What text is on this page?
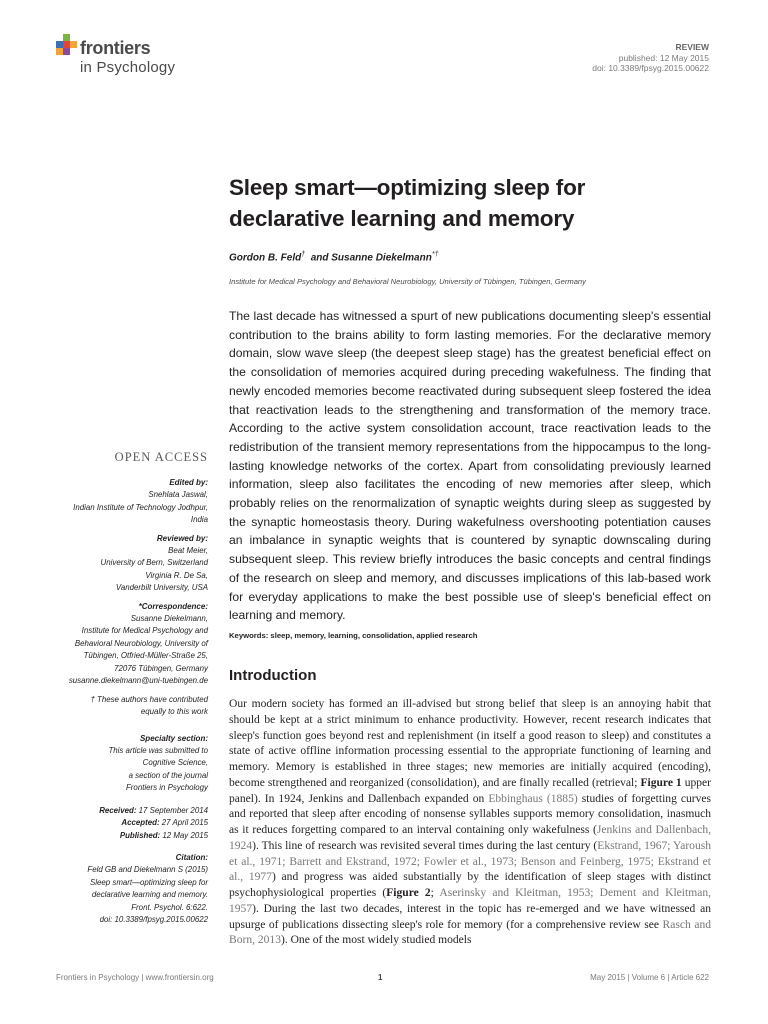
frontiers
in Psychology
REVIEW
published: 12 May 2015
doi: 10.3389/fpsyg.2015.00622
Sleep smart—optimizing sleep for
declarative learning and memory
Gordon B. Feld† and Susanne Diekelmann*†
Institute for Medical Psychology and Behavioral Neurobiology, University of Tübingen, Tübingen, Germany
The last decade has witnessed a spurt of new publications documenting sleep's essential contribution to the brains ability to form lasting memories. For the declarative memory domain, slow wave sleep (the deepest sleep stage) has the greatest beneficial effect on the consolidation of memories acquired during preceding wakefulness. The finding that newly encoded memories become reactivated during subsequent sleep fostered the idea that reactivation leads to the strengthening and transformation of the memory trace. According to the active system consolidation account, trace reactivation leads to the redistribution of the transient memory representations from the hippocampus to the long-lasting knowledge networks of the cortex. Apart from consolidating previously learned information, sleep also facilitates the encoding of new memories after sleep, which probably relies on the renormalization of synaptic weights during sleep as suggested by the synaptic homeostasis theory. During wakefulness overshooting potentiation causes an imbalance in synaptic weights that is countered by synaptic downscaling during subsequent sleep. This review briefly introduces the basic concepts and central findings of the research on sleep and memory, and discusses implications of this lab-based work for everyday applications to make the best possible use of sleep's beneficial effect on learning and memory.
Keywords: sleep, memory, learning, consolidation, applied research
Introduction
Our modern society has formed an ill-advised but strong belief that sleep is an annoying habit that should be kept at a strict minimum to enhance productivity. However, recent research indicates that sleep's function goes beyond rest and replenishment (in itself a good reason to sleep) and constitutes a state of active offline information processing essential to the appropriate functioning of learning and memory. Memory is established in three stages; new memories are initially acquired (encoding), become strengthened and reorganized (consolidation), and are finally recalled (retrieval; Figure 1 upper panel). In 1924, Jenkins and Dallenbach expanded on Ebbinghaus (1885) studies of forgetting curves and reported that sleep after encoding of nonsense syllables supports memory consolidation, inasmuch as it reduces forgetting compared to an interval containing only wakefulness (Jenkins and Dallenbach, 1924). This line of research was revisited several times during the last century (Ekstrand, 1967; Yaroush et al., 1971; Barrett and Ekstrand, 1972; Fowler et al., 1973; Benson and Feinberg, 1975; Ekstrand et al., 1977) and progress was aided substantially by the identification of sleep stages with distinct psychophysiological properties (Figure 2; Aserinsky and Kleitman, 1953; Dement and Kleitman, 1957). During the last two decades, interest in the topic has re-emerged and we have witnessed an upsurge of publications dissecting sleep's role for memory (for a comprehensive review see Rasch and Born, 2013). One of the most widely studied models
OPEN ACCESS
Edited by:
Snehlata Jaswal,
Indian Institute of Technology Jodhpur,
India
Reviewed by:
Beat Meier,
University of Bern, Switzerland
Virginia R. De Sa,
Vanderbilt University, USA
*Correspondence:
Susanne Diekelmann,
Institute for Medical Psychology and
Behavioral Neurobiology, University of
Tübingen, Otfried-Müller-Straße 25,
72076 Tübingen, Germany
susanne.diekelmann@uni-tuebingen.de
† These authors have contributed
equally to this work
Specialty section:
This article was submitted to
Cognitive Science,
a section of the journal
Frontiers in Psychology
Received: 17 September 2014
Accepted: 27 April 2015
Published: 12 May 2015
Citation:
Feld GB and Diekelmann S (2015)
Sleep smart—optimizing sleep for
declarative learning and memory.
Front. Psychol. 6:622.
doi: 10.3389/fpsyg.2015.00622
Frontiers in Psychology | www.frontiersin.org	1	May 2015 | Volume 6 | Article 622
